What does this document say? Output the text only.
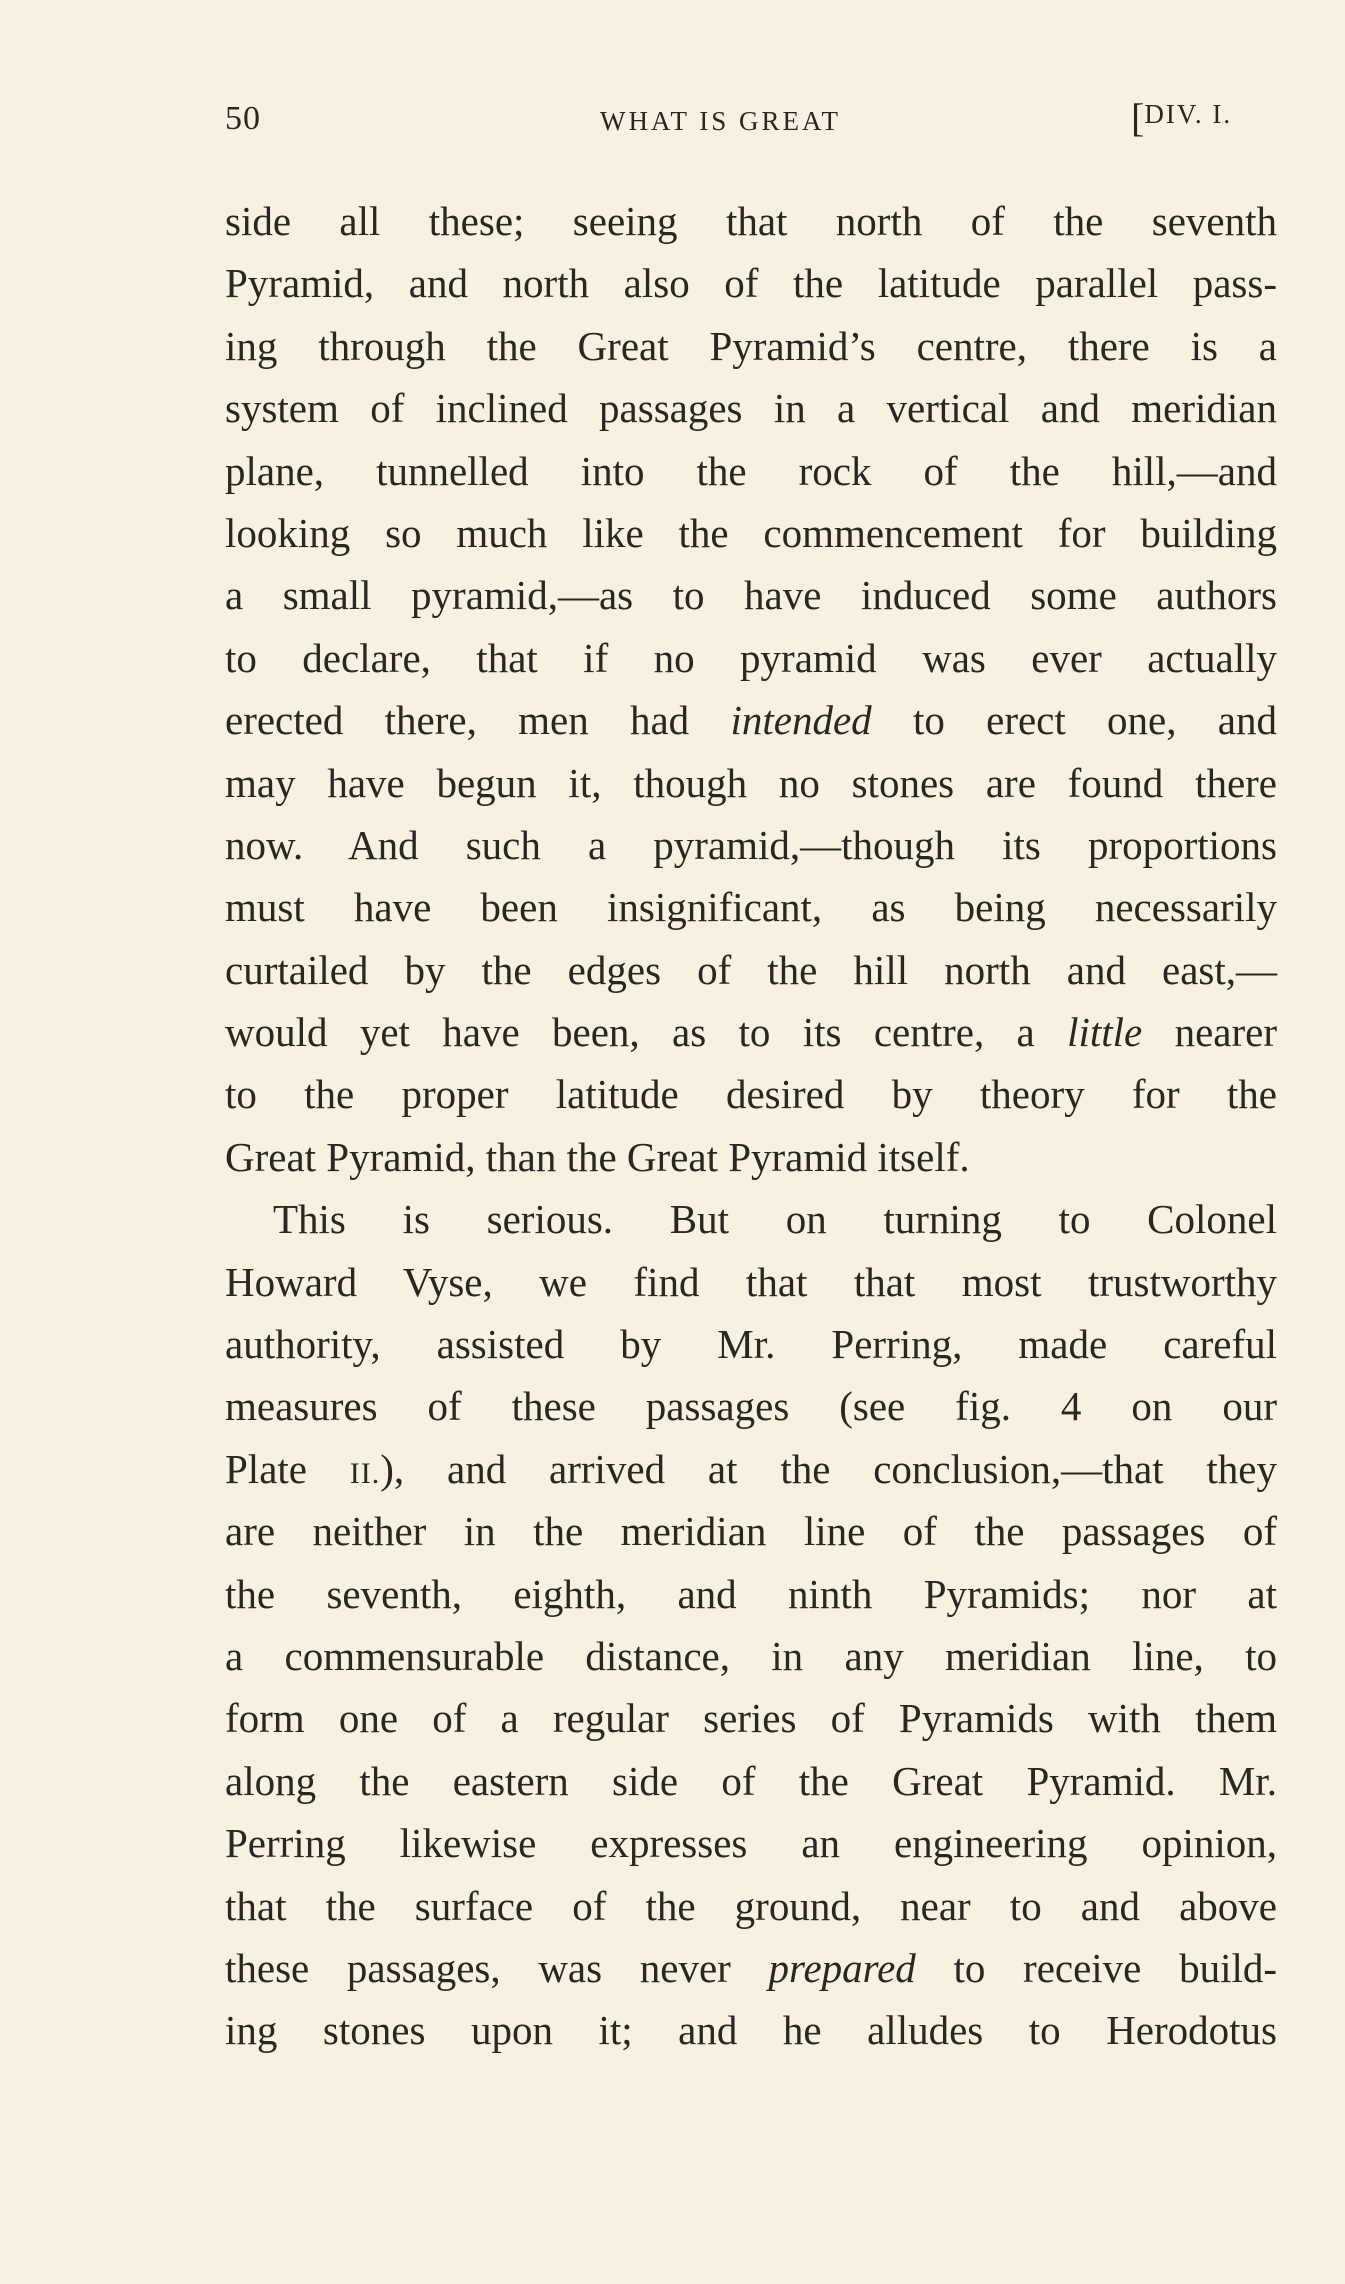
50	WHAT IS GREAT	[$^{DIV. I.}$
side all these; seeing that north of the seventh
Pyramid, and north also of the latitude parallel pass-
ing through the Great Pyramid’s centre, there is a
system of inclined passages in a vertical and meridian
plane, tunnelled into the rock of the hill,—and
looking so much like the commencement for building
a small pyramid,—as to have induced some authors
to declare, that if no pyramid was ever actually
erected there, men had intended to erect one, and
may have begun it, though no stones are found there
now. And such a pyramid,—though its proportions
must have been insignificant, as being necessarily
curtailed by the edges of the hill north and east,—
would yet have been, as to its centre, a little nearer
to the proper latitude desired by theory for the
Great Pyramid, than the Great Pyramid itself.
This is serious. But on turning to Colonel
Howard Vyse, we find that that most trustworthy
authority, assisted by Mr. Perring, made careful
measures of these passages (see fig. 4 on our
Plate II.), and arrived at the conclusion,—that they
are neither in the meridian line of the passages of
the seventh, eighth, and ninth Pyramids; nor at
a commensurable distance, in any meridian line, to
form one of a regular series of Pyramids with them
along the eastern side of the Great Pyramid. Mr.
Perring likewise expresses an engineering opinion,
that the surface of the ground, near to and above
these passages, was never prepared to receive build-
ing stones upon it; and he alludes to Herodotus
